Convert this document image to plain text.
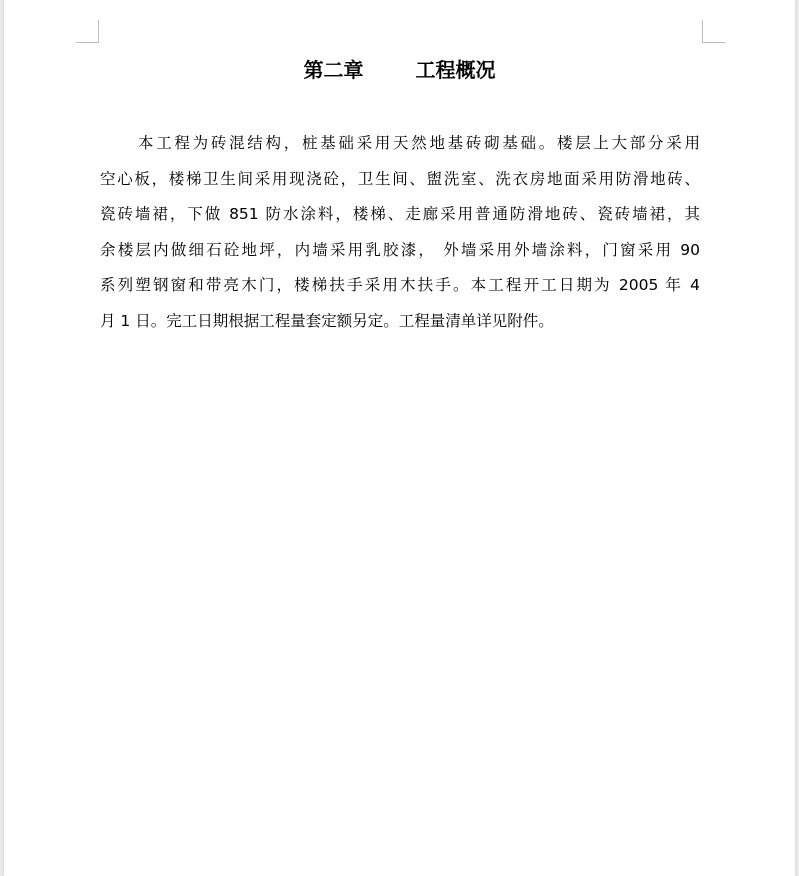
第二章	工程概况
本工程为砖混结构，桩基础采用天然地基砖砌基础。楼层上大部分采用
空心板，楼梯卫生间采用现浇砼，卫生间、盥洗室、洗衣房地面采用防滑地砖、
瓷砖墙裙，下做 851 防水涂料，楼梯、走廊采用普通防滑地砖、瓷砖墙裙，其
余楼层内做细石砼地坪，内墙采用乳胶漆， 外墙采用外墙涂料，门窗采用 90
系列塑钢窗和带亮木门，楼梯扶手采用木扶手。本工程开工日期为 2005 年 4
月 1 日。完工日期根据工程量套定额另定。工程量清单详见附件。
